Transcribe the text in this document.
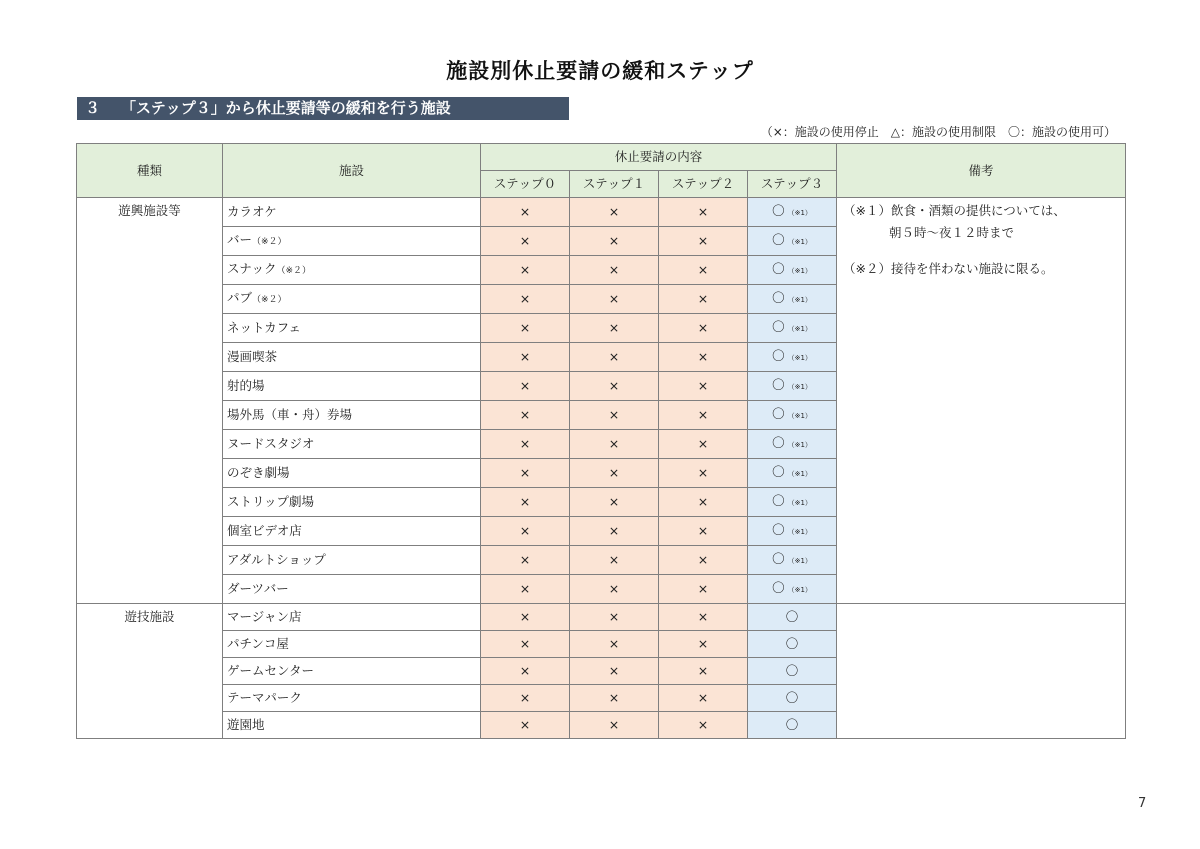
施設別休止要請の緩和ステップ
３ 「ステップ３」から休止要請等の緩和を行う施設
（×：施設の使用停止　△：施設の使用制限　〇：施設の使用可）
種類	施設	休止要請の内容				備考
		ステップ０	ステップ１	ステップ２	ステップ３	

遊興施設等	カラオケ	×	×	×	〇 （※1）	（※１）飲食・酒類の提供については、
朝５時～夜１２時まで
（※２）接待を伴わない施設に限る。

	バー（※２）	×	×	×	〇 （※1）	
	スナック（※２）	×	×	×	〇 （※1）	
	パブ（※２）	×	×	×	〇 （※1）	
	ネットカフェ	×	×	×	〇 （※1）	
	漫画喫茶	×	×	×	〇 （※1）	
	射的場	×	×	×	〇 （※1）	
	場外馬（車・舟）券場	×	×	×	〇 （※1）	
	ヌードスタジオ	×	×	×	〇 （※1）	
	のぞき劇場	×	×	×	〇 （※1）	
	ストリップ劇場	×	×	×	〇 （※1）	
	個室ビデオ店	×	×	×	〇 （※1）	
	アダルトショップ	×	×	×	〇 （※1）	
	ダーツバー	×	×	×	〇 （※1）	

遊技施設	マージャン店	×	×	×	〇	
	パチンコ屋	×	×	×	〇	
	ゲームセンター	×	×	×	〇	
	テーマパーク	×	×	×	〇	
	遊園地	×	×	×	〇	
7
